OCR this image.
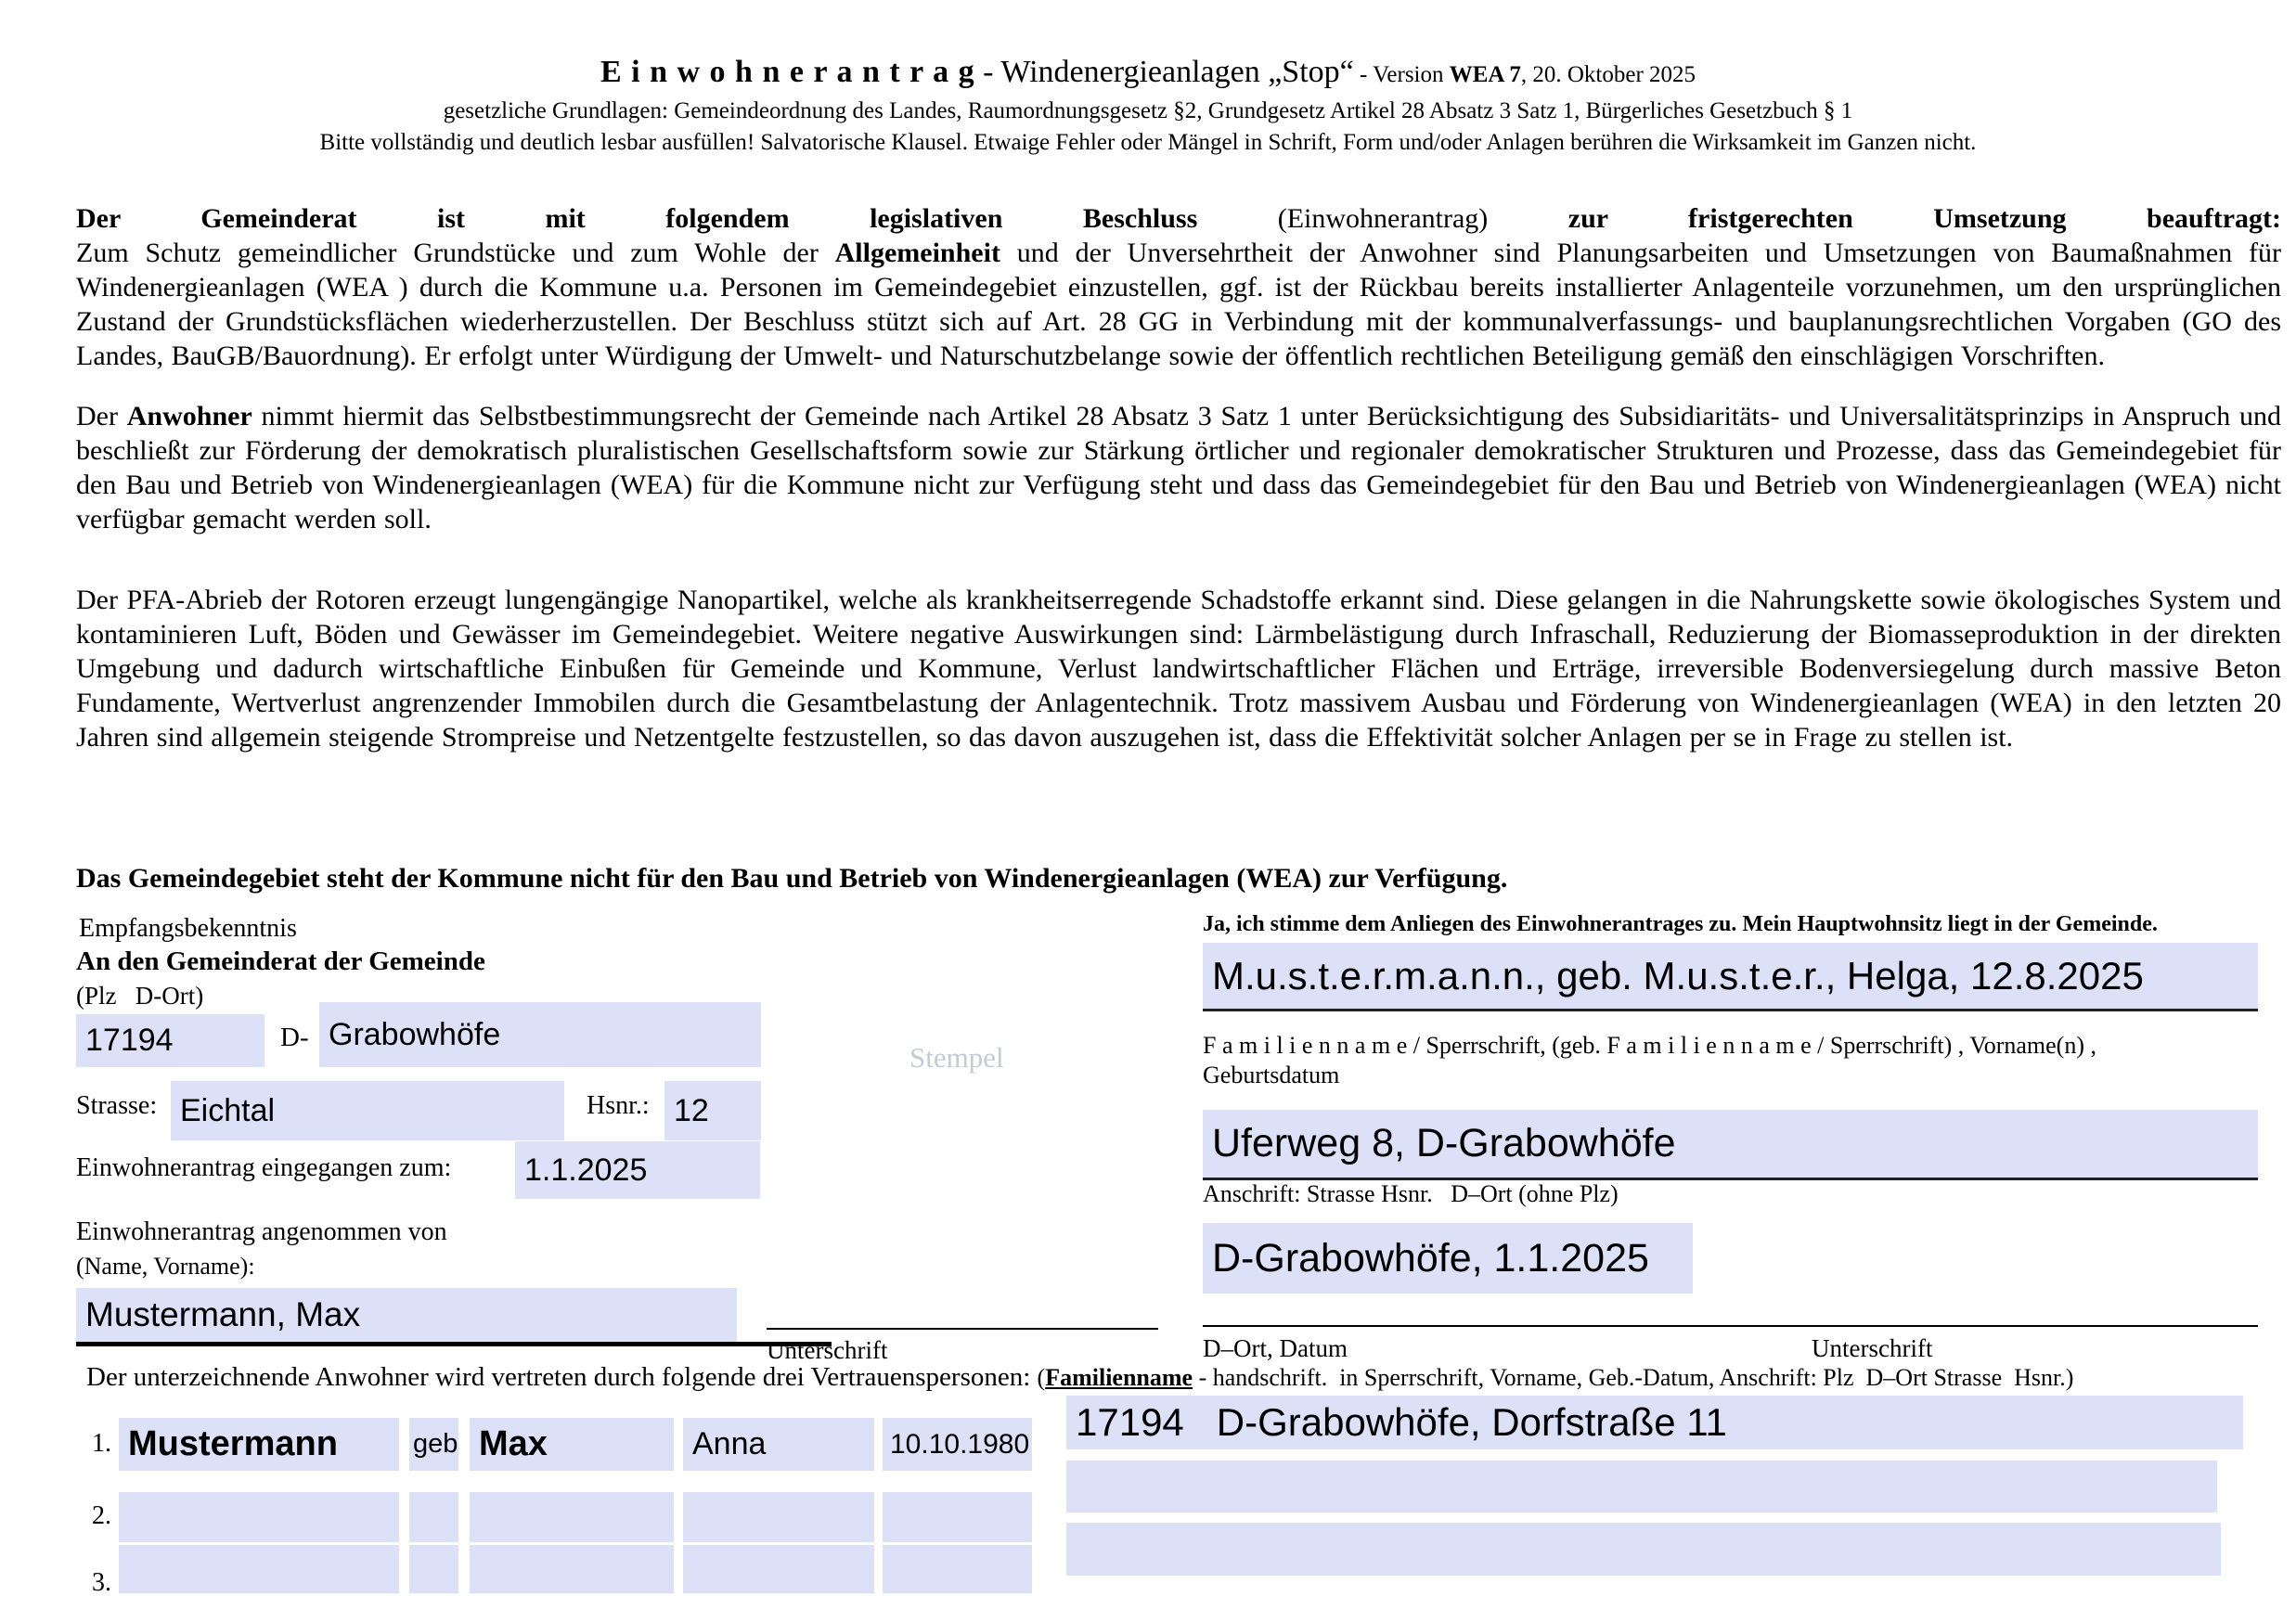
E i n w o h n e r a n t r a g - Windenergieanlagen „Stop“ - Version WEA 7, 20. Oktober 2025
gesetzliche Grundlagen: Gemeindeordnung des Landes, Raumordnungsgesetz §2, Grundgesetz Artikel 28 Absatz 3 Satz 1, Bürgerliches Gesetzbuch § 1
Bitte vollständig und deutlich lesbar ausfüllen! Salvatorische Klausel. Etwaige Fehler oder Mängel in Schrift, Form und/oder Anlagen berühren die Wirksamkeit im Ganzen nicht.
Der Gemeinderat ist mit folgendem legislativen Beschluss	(Einwohnerantrag)	zur fristgerechten Umsetzung beauftragt:
Zum Schutz gemeindlicher Grundstücke und zum Wohle der Allgemeinheit und der Unversehrtheit der Anwohner sind Planungsarbeiten und Umsetzungen von Baumaßnahmen für Windenergieanlagen (WEA ) durch die Kommune u.a. Personen im Gemeindegebiet einzustellen, ggf. ist der Rückbau bereits installierter Anlagenteile vorzunehmen, um den ursprünglichen Zustand der Grundstücksflächen wiederherzustellen. Der Beschluss stützt sich auf Art. 28 GG in Verbindung mit der kommunalverfassungs- und bauplanungsrechtlichen Vorgaben (GO des Landes, BauGB/Bauordnung). Er erfolgt unter Würdigung der Umwelt- und Naturschutzbelange sowie der öffentlich rechtlichen Beteiligung gemäß den einschlägigen Vorschriften.
Der Anwohner nimmt hiermit das Selbstbestimmungsrecht der Gemeinde nach Artikel 28 Absatz 3 Satz 1 unter Berücksichtigung des Subsidiaritäts- und Universalitätsprinzips in Anspruch und beschließt zur Förderung der demokratisch pluralistischen Gesellschaftsform sowie zur Stärkung örtlicher und regionaler demokratischer Strukturen und Prozesse, dass das Gemeindegebiet für den Bau und Betrieb von Windenergieanlagen (WEA) für die Kommune nicht zur Verfügung steht und dass das Gemeindegebiet für den Bau und Betrieb von Windenergieanlagen (WEA) nicht verfügbar gemacht werden soll.
Der PFA-Abrieb der Rotoren erzeugt lungengängige Nanopartikel, welche als krankheitserregende Schadstoffe erkannt sind. Diese gelangen in die Nahrungskette sowie ökologisches System und kontaminieren Luft, Böden und Gewässer im Gemeindegebiet. Weitere negative Auswirkungen sind: Lärmbelästigung durch Infraschall, Reduzierung der Biomasseproduktion in der direkten Umgebung und dadurch wirtschaftliche Einbußen für Gemeinde und Kommune, Verlust landwirtschaftlicher Flächen und Erträge, irreversible Bodenversiegelung durch massive Beton Fundamente, Wertverlust angrenzender Immobilen durch die Gesamtbelastung der Anlagentechnik. Trotz massivem Ausbau und Förderung von Windenergieanlagen (WEA) in den letzten 20 Jahren sind allgemein steigende Strompreise und Netzentgelte festzustellen, so das davon auszugehen ist, dass die Effektivität solcher Anlagen per se in Frage zu stellen ist.
Das Gemeindegebiet steht der Kommune nicht für den Bau und Betrieb von Windenergieanlagen (WEA) zur Verfügung.
Empfangsbekenntnis
An den Gemeinderat der Gemeinde
(Plz   D-Ort)
17194	D- Grabowhöfe
Strasse: Eichtal	Hsnr.: 12
Einwohnerantrag eingegangen zum: 1.1.2025
Einwohnerantrag angenommen von
(Name, Vorname):
Mustermann, Max
Unterschrift
Stempel
Ja, ich stimme dem Anliegen des Einwohnerantrages zu. Mein Hauptwohnsitz liegt in der Gemeinde.
M.u.s.t.e.r.m.a.n.n., geb. M.u.s.t.e.r., Helga, 12.8.2025
F a m i l i e n n a m e / Sperrschrift, (geb. F a m i l i e n n a m e / Sperrschrift) , Vorname(n) ,
Geburtsdatum
Uferweg 8, D-Grabowhöfe
Anschrift: Strasse Hsnr.   D–Ort (ohne Plz)
D-Grabowhöfe, 1.1.2025
D–Ort, Datum	Unterschrift
Der unterzeichnende Anwohner wird vertreten durch folgende drei Vertrauenspersonen: (Familienname - handschrift.  in Sperrschrift, Vorname, Geb.-Datum, Anschrift: Plz  D–Ort Strasse  Hsnr.)
1. Mustermann	geb Max	Anna	10.10.1980 17194   D-Grabowhöfe, Dorfstraße 11
2.
3.
